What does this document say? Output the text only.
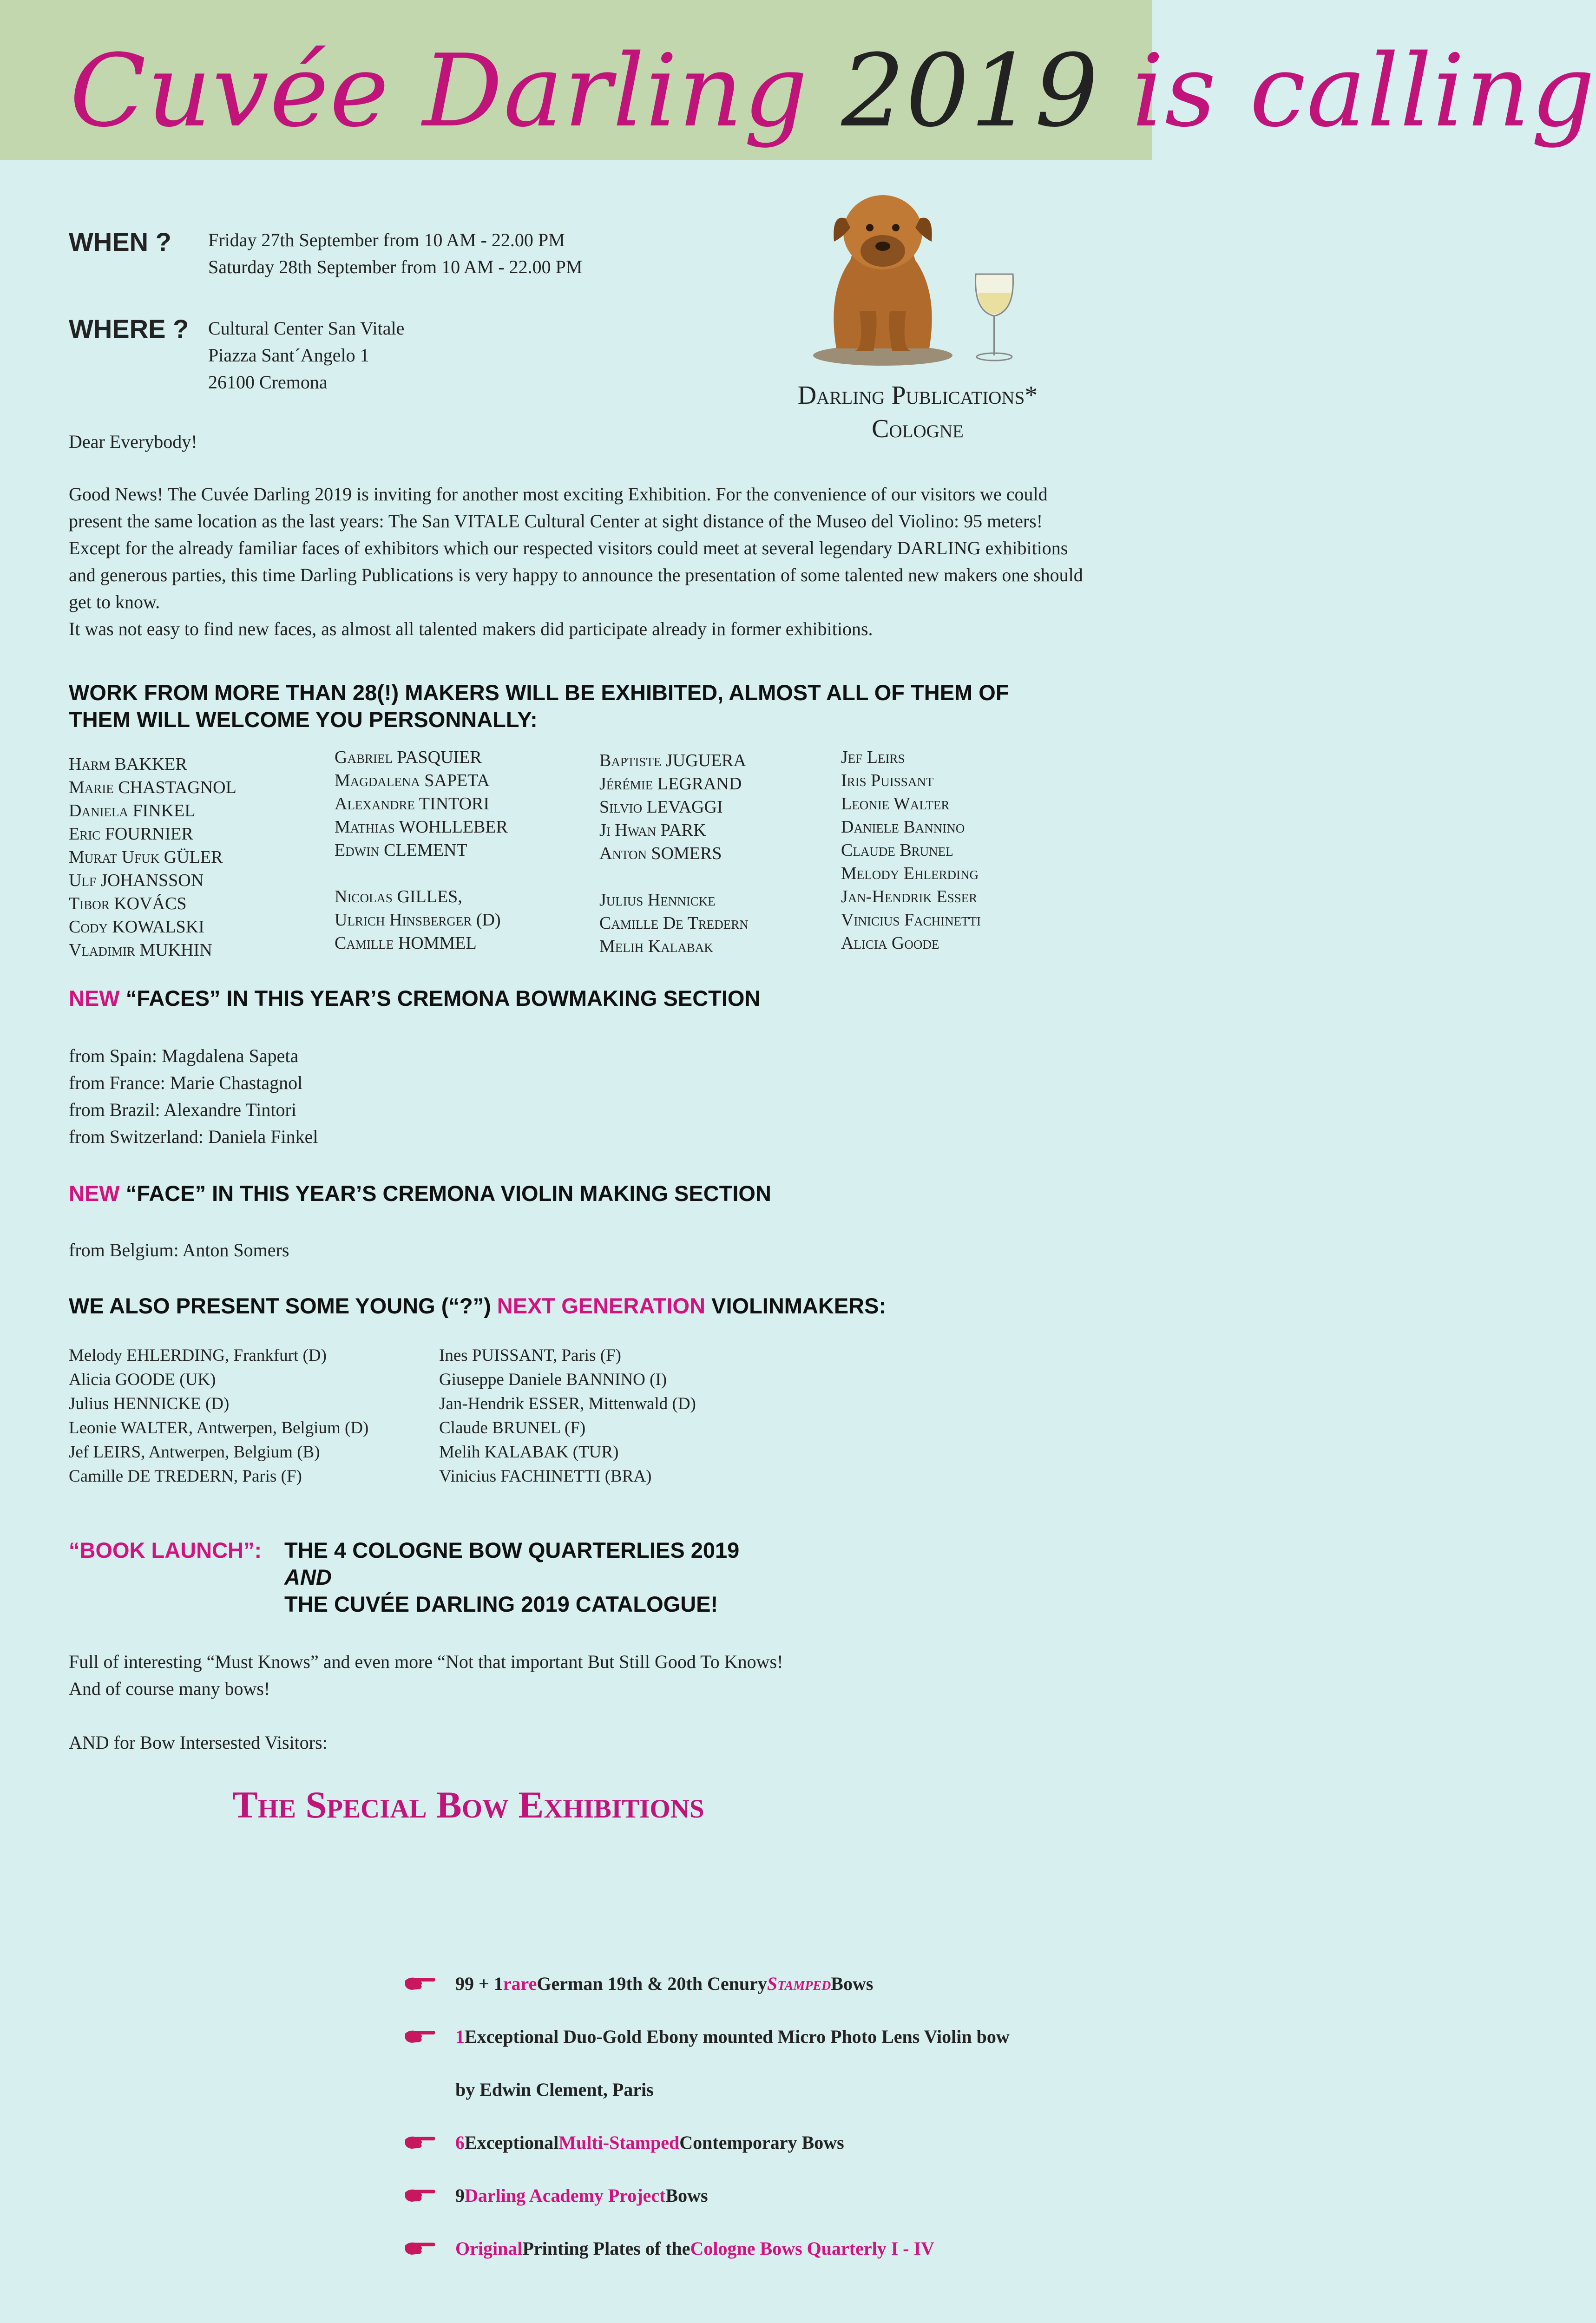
Cuvée Darling 2019 is calling
WHEN ? Friday 27th September from 10 AM - 22.00 PM
Saturday 28th September from 10 AM - 22.00 PM
WHERE ? Cultural Center San Vitale
Piazza Sant´Angelo 1
26100 Cremona	Darling Publications*
Cologne
Dear Everybody!
Good News! The Cuvée Darling 2019 is inviting for another most exciting Exhibition. For the convenience of our visitors we could present the same location as the last years: The San VITALE Cultural Center at sight distance of the Museo del Violino: 95 meters! Except for the already familiar faces of exhibitors which our respected visitors could meet at several legendary DARLING exhibitions and generous parties, this time Darling Publications is very happy to announce the presentation of some talented new makers one should get to know.
It was not easy to find new faces, as almost all talented makers did participate already in former exhibitions.
WORK FROM MORE THAN 28(!) MAKERS WILL BE EXHIBITED, ALMOST ALL OF THEM OF THEM WILL WELCOME YOU PERSONNALLY:
Harm BAKKER
Marie CHASTAGNOL
Daniela FINKEL
Eric FOURNIER
Murat Ufuk GÜLER
Ulf JOHANSSON
Tibor KOVÁCS
Cody KOWALSKI
Vladimir MUKHIN
Gabriel PASQUIER
Magdalena SAPETA
Alexandre TINTORI
Mathias WOHLLEBER
Edwin CLEMENT
Nicolas GILLES,
Ulrich Hinsberger (D)
Camille HOMMEL
Baptiste JUGUERA
Jérémie LEGRAND
Silvio LEVAGGI
Ji Hwan PARK
Anton SOMERS
Julius Hennicke
Camille De Tredern
Melih Kalabak
Jef Leirs
Iris Puissant
Leonie Walter
Daniele Bannino
Claude Brunel
Melody Ehlerding
Jan-Hendrik Esser
Vinicius Fachinetti
Alicia Goode
NEW “FACES” IN THIS YEAR’S CREMONA BOWMAKING SECTION
from Spain: Magdalena Sapeta
from France: Marie Chastagnol
from Brazil: Alexandre Tintori
from Switzerland: Daniela Finkel
NEW “FACE” IN THIS YEAR’S CREMONA VIOLIN MAKING SECTION
from Belgium: Anton Somers
WE ALSO PRESENT SOME YOUNG (“?”) NEXT GENERATION VIOLINMAKERS:
Melody EHLERDING, Frankfurt (D)
Alicia GOODE (UK)
Julius HENNICKE (D)
Leonie WALTER, Antwerpen, Belgium (D)
Jef LEIRS, Antwerpen, Belgium (B)
Camille DE TREDERN, Paris (F)
Ines PUISSANT, Paris (F)
Giuseppe Daniele BANNINO (I)
Jan-Hendrik ESSER, Mittenwald (D)
Claude BRUNEL (F)
Melih KALABAK (TUR)
Vinicius FACHINETTI (BRA)
“BOOK LAUNCH”: THE 4 COLOGNE BOW QUARTERLIES 2019
AND
THE CUVÉE DARLING 2019 CATALOGUE!
Full of interesting “Must Knows” and even more “Not that important But Still Good To Knows!
And of course many bows!
AND for Bow Intersested Visitors:
The Special Bow Exhibitions
99 + 1 rare German 19th & 20th Cenury Stamped Bows
1 Exceptional Duo-Gold Ebony mounted Micro Photo Lens Violin bow
by Edwin Clement, Paris
6 Exceptional Multi-Stamped Contemporary Bows
9 Darling Academy Project Bows
Original Printing Plates of the Cologne Bows Quarterly I - IV
